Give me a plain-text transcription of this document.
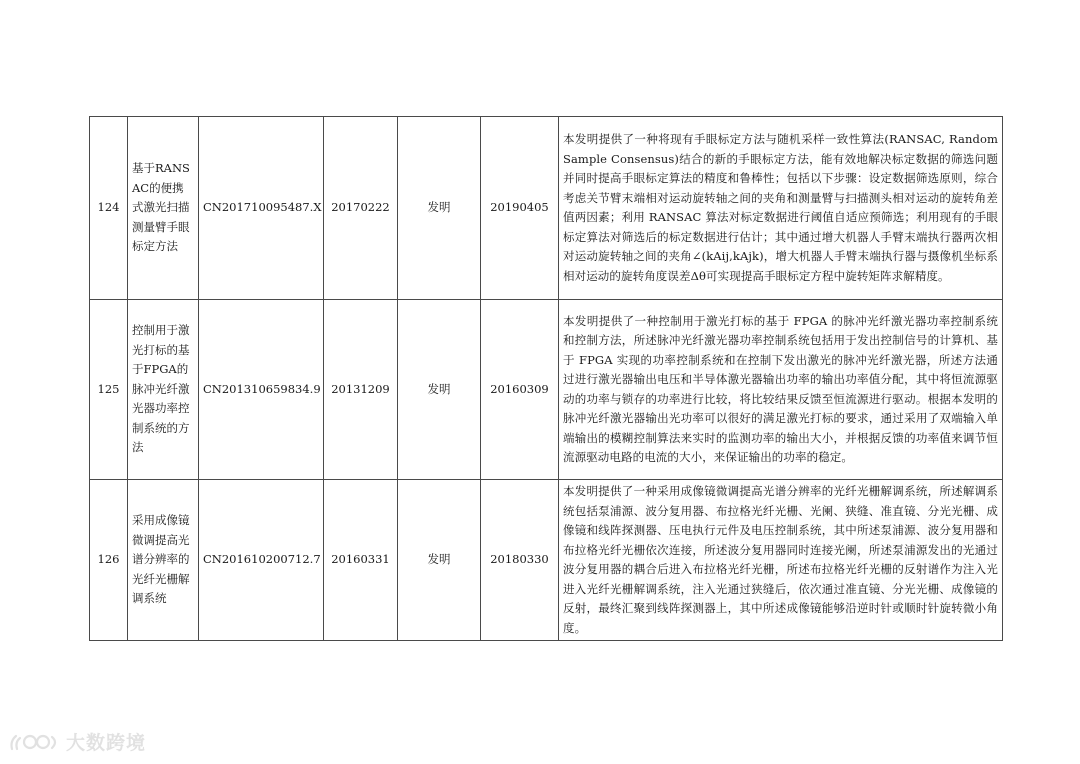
124	基于RANSAC的便携式激光扫描测量臂手眼标定方法	CN201710095487.X	20170222	发明	20190405	本发明提供了一种将现有手眼标定方法与随机采样一致性算法(RANSAC, Random Sample Consensus)结合的新的手眼标定方法，能有效地解决标定数据的筛选问题并同时提高手眼标定算法的精度和鲁棒性；包括以下步骤：设定数据筛选原则，综合考虑关节臂末端相对运动旋转轴之间的夹角和测量臂与扫描测头相对运动的旋转角差值两因素；利用 RANSAC 算法对标定数据进行阈值自适应预筛选；利用现有的手眼标定算法对筛选后的标定数据进行估计；其中通过增大机器人手臂末端执行器两次相对运动旋转轴之间的夹角∠(kAij,kAjk)，增大机器人手臂末端执行器与摄像机坐标系相对运动的旋转角度误差Δθ可实现提高手眼标定方程中旋转矩阵求解精度。
125	控制用于激光打标的基于FPGA的脉冲光纤激光器功率控制系统的方法	CN201310659834.9	20131209	发明	20160309	本发明提供了一种控制用于激光打标的基于 FPGA 的脉冲光纤激光器功率控制系统和控制方法，所述脉冲光纤激光器功率控制系统包括用于发出控制信号的计算机、基于 FPGA 实现的功率控制系统和在控制下发出激光的脉冲光纤激光器，所述方法通过进行激光器输出电压和半导体激光器输出功率的输出功率值分配，其中将恒流源驱动的功率与锁存的功率进行比较，将比较结果反馈至恒流源进行驱动。根据本发明的脉冲光纤激光器输出光功率可以很好的满足激光打标的要求，通过采用了双端输入单端输出的模糊控制算法来实时的监测功率的输出大小，并根据反馈的功率值来调节恒流源驱动电路的电流的大小，来保证输出的功率的稳定。
126	采用成像镜微调提高光谱分辨率的光纤光栅解调系统	CN201610200712.7	20160331	发明	20180330	本发明提供了一种采用成像镜微调提高光谱分辨率的光纤光栅解调系统，所述解调系统包括泵浦源、波分复用器、布拉格光纤光栅、光阑、狭缝、准直镜、分光光栅、成像镜和线阵探测器、压电执行元件及电压控制系统，其中所述泵浦源、波分复用器和布拉格光纤光栅依次连接，所述波分复用器同时连接光阑，所述泵浦源发出的光通过波分复用器的耦合后进入布拉格光纤光栅，所述布拉格光纤光栅的反射谱作为注入光进入光纤光栅解调系统，注入光通过狭缝后，依次通过准直镜、分光光栅、成像镜的反射，最终汇聚到线阵探测器上，其中所述成像镜能够沿逆时针或顺时针旋转微小角度。
大数跨境
